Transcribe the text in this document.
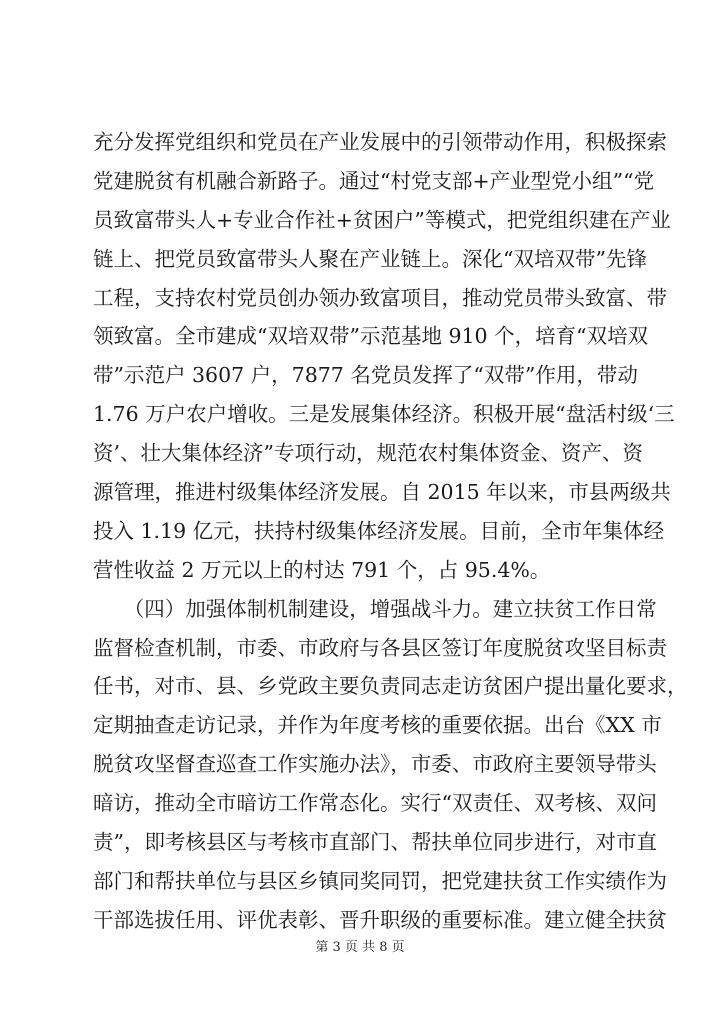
充分发挥党组织和党员在产业发展中的引领带动作用，积极探索
党建脱贫有机融合新路子。通过“村党支部+产业型党小组”“党
员致富带头人+专业合作社+贫困户”等模式，把党组织建在产业
链上、把党员致富带头人聚在产业链上。深化“双培双带”先锋
工程，支持农村党员创办领办致富项目，推动党员带头致富、带
领致富。全市建成“双培双带”示范基地 910 个，培育“双培双
带”示范户 3607 户，7877 名党员发挥了“双带”作用，带动
1.76 万户农户增收。三是发展集体经济。积极开展“盘活村级‘三
资’、壮大集体经济”专项行动，规范农村集体资金、资产、资
源管理，推进村级集体经济发展。自 2015 年以来，市县两级共
投入 1.19 亿元，扶持村级集体经济发展。目前，全市年集体经
营性收益 2 万元以上的村达 791 个，占 95.4%。
　　（四）加强体制机制建设，增强战斗力。建立扶贫工作日常
监督检查机制，市委、市政府与各县区签订年度脱贫攻坚目标责
任书，对市、县、乡党政主要负责同志走访贫困户提出量化要求，
定期抽查走访记录，并作为年度考核的重要依据。出台《XX 市
脱贫攻坚督查巡查工作实施办法》，市委、市政府主要领导带头
暗访，推动全市暗访工作常态化。实行“双责任、双考核、双问
责”，即考核县区与考核市直部门、帮扶单位同步进行，对市直
部门和帮扶单位与县区乡镇同奖同罚，把党建扶贫工作实绩作为
干部选拔任用、评优表彰、晋升职级的重要标准。建立健全扶贫
第 3 页 共 8 页
